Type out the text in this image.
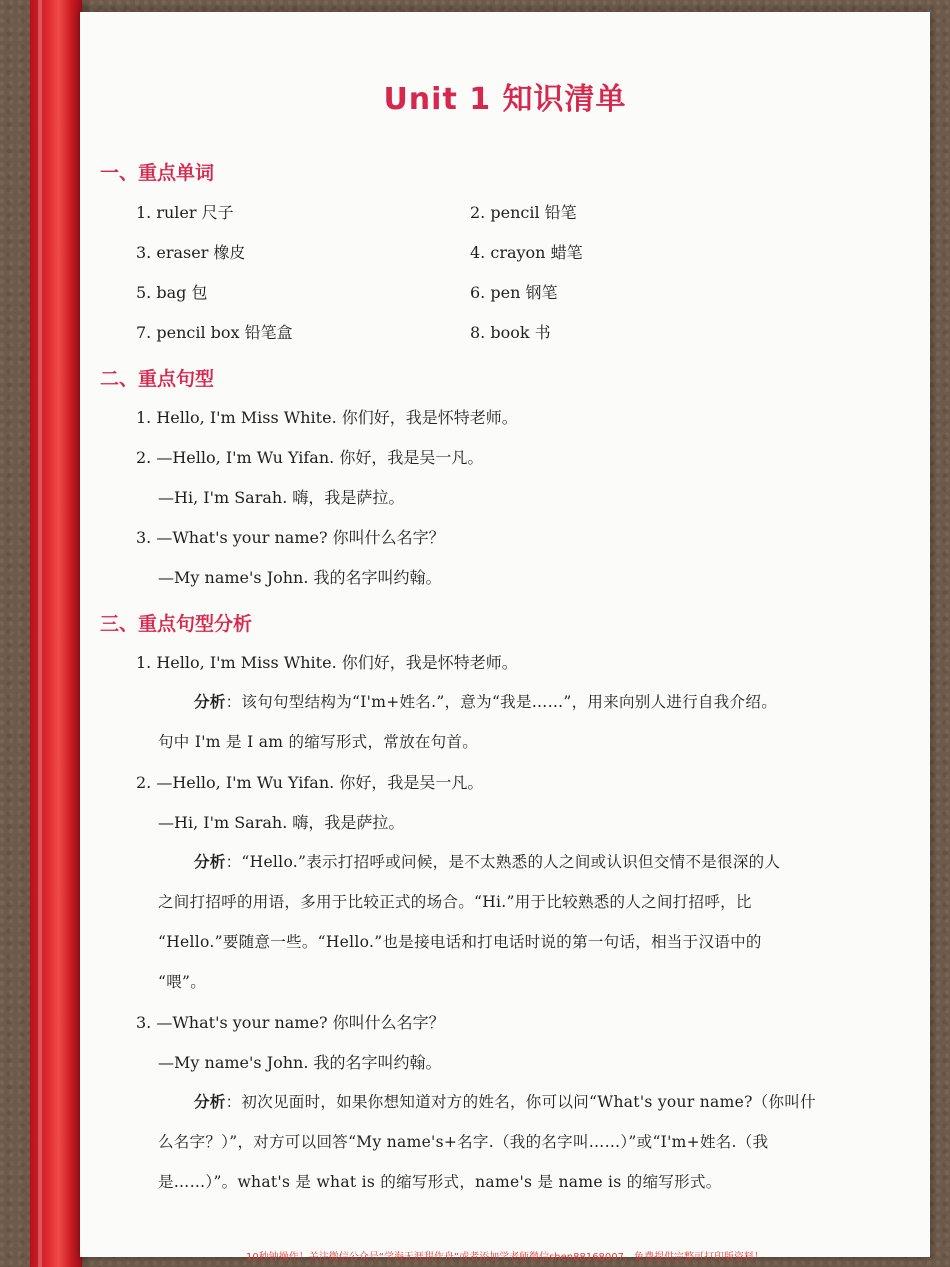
Unit 1 知识清单
一、重点单词
1. ruler 尺子	2. pencil 铅笔
3. eraser 橡皮	4. crayon 蜡笔
5. bag 包	6. pen 钢笔
7. pencil box 铅笔盒	8. book 书
二、重点句型
1. Hello, I'm Miss White. 你们好，我是怀特老师。
2. —Hello, I'm Wu Yifan. 你好，我是吴一凡。
—Hi, I'm Sarah. 嗨，我是萨拉。
3. —What's your name? 你叫什么名字？
—My name's John. 我的名字叫约翰。
三、重点句型分析
1. Hello, I'm Miss White. 你们好，我是怀特老师。
分析：该句句型结构为“I'm+姓名.”，意为“我是……”，用来向别人进行自我介绍。
句中 I'm 是 I am 的缩写形式，常放在句首。
2. —Hello, I'm Wu Yifan. 你好，我是吴一凡。
—Hi, I'm Sarah. 嗨，我是萨拉。
分析：“Hello.”表示打招呼或问候，是不太熟悉的人之间或认识但交情不是很深的人
之间打招呼的用语，多用于比较正式的场合。“Hi.”用于比较熟悉的人之间打招呼，比
“Hello.”要随意一些。“Hello.”也是接电话和打电话时说的第一句话，相当于汉语中的
“喂”。
3. —What's your name? 你叫什么名字？
—My name's John. 我的名字叫约翰。
分析：初次见面时，如果你想知道对方的姓名，你可以问“What's your name?（你叫什
么名字？）”，对方可以回答“My name's+名字.（我的名字叫……）”或“I'm+姓名.（我
是……）”。what's 是 what is 的缩写形式，name's 是 name is 的缩写形式。
10秒钟操作！关注微信公众号“学海无涯甜作舟”或者添加学老师微信shen88168007，免费提供完整可打印版资料！
